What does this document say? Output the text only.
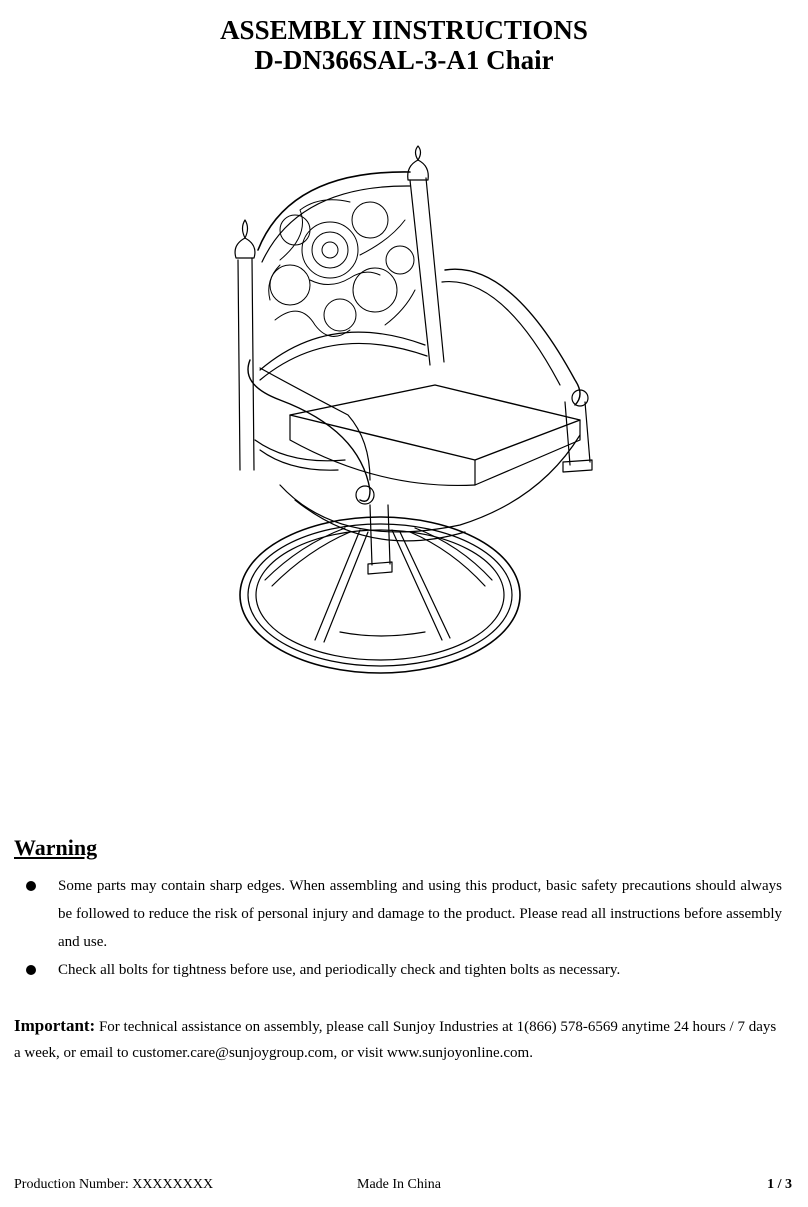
ASSEMBLY IINSTRUCTIONS
D-DN366SAL-3-A1 Chair
Warning
Some parts may contain sharp edges. When assembling and using this product, basic safety precautions should always be followed to reduce the risk of personal injury and damage to the product. Please read all instructions before assembly and use.
Check all bolts for tightness before use, and periodically check and tighten bolts as necessary.

Important: For technical assistance on assembly, please call Sunjoy Industries at 1(866) 578-6569 anytime 24 hours / 7 days a week, or email to customer.care@sunjoygroup.com, or visit www.sunjoyonline.com.

Production Number: XXXXXXXX	Made In China	1 / 3
